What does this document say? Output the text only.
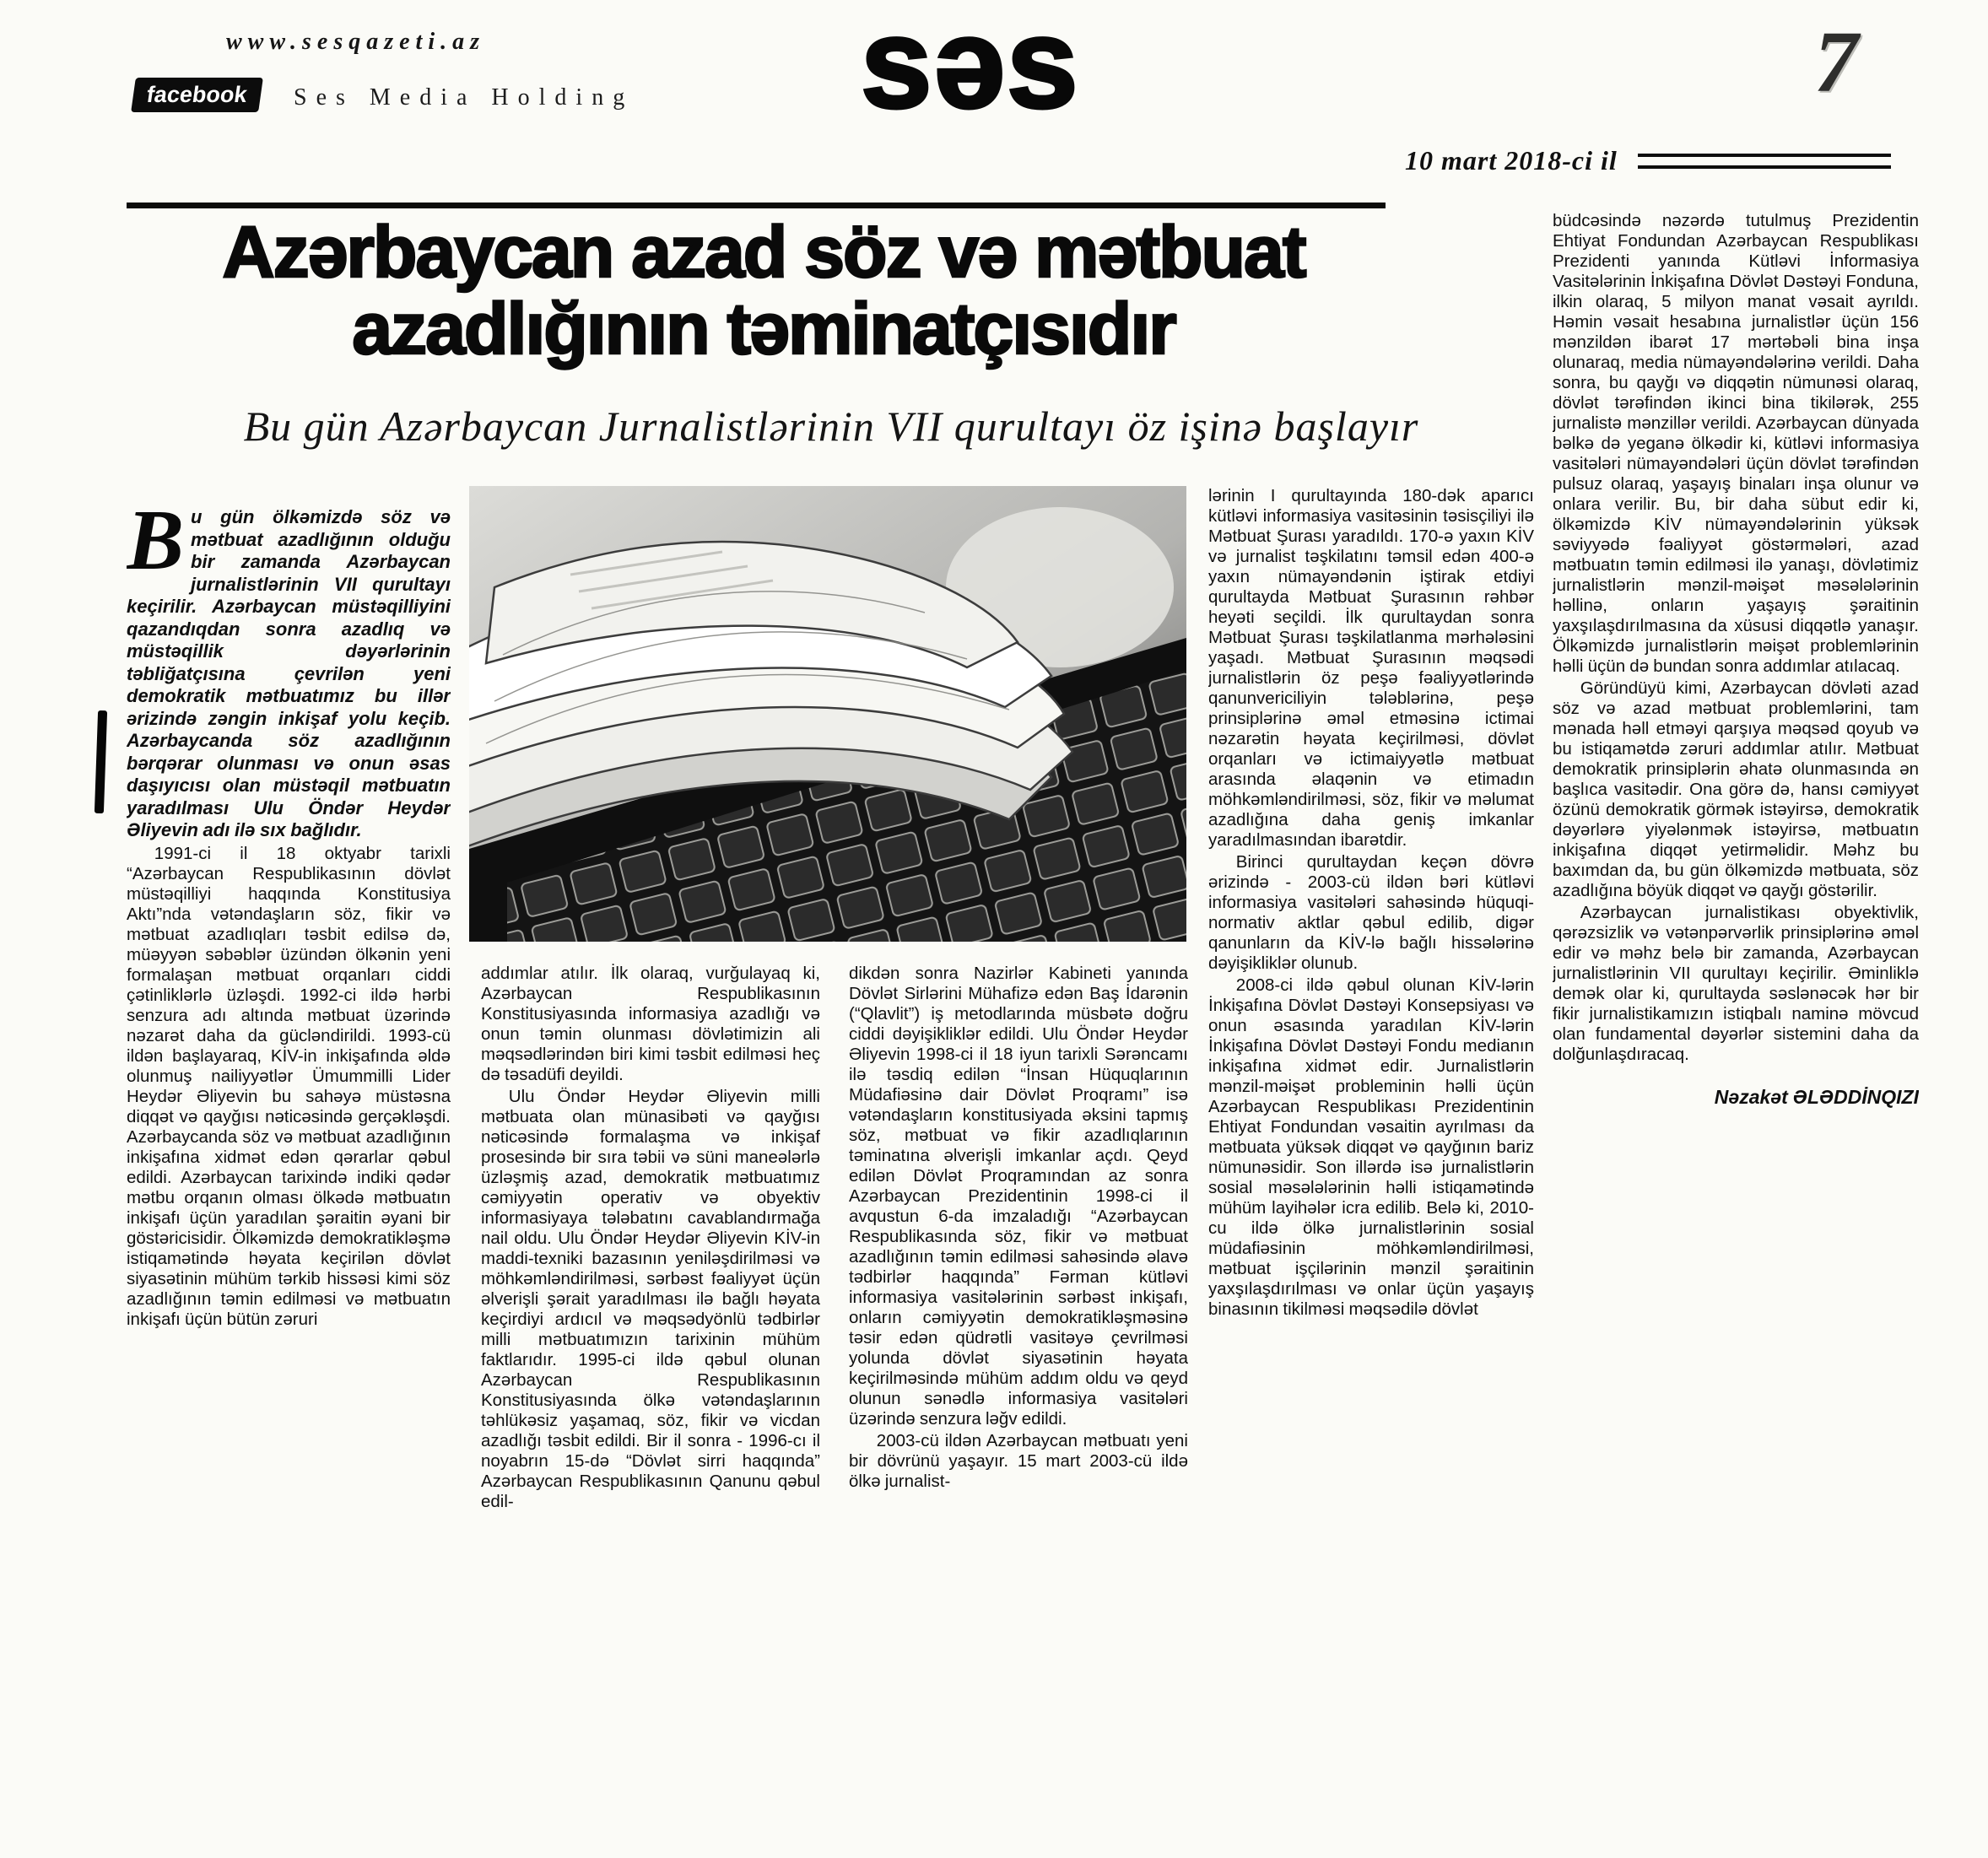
www.sesqazeti.az
facebook	Ses Media Holding səs	7
10 mart 2018-ci il
Azərbaycan azad söz və mətbuat
azadlığının təminatçısıdır
Bu gün Azərbaycan Jurnalistlərinin VII qurultayı öz işinə başlayır

Bu gün ölkəmizdə söz və mətbuat azadlığının olduğu bir zamanda Azərbaycan jurnalistlərinin VII qurultayı keçirilir. Azərbaycan müstəqilliyini qazandıqdan sonra azadlıq və müstəqillik dəyərlərinin təbliğatçısına çevrilən yeni demokratik mətbuatımız bu illər ərizində zəngin inkişaf yolu keçib. Azərbaycanda söz azadlığının bərqərar olunması və onun əsas daşıyıcısı olan müstəqil mətbuatın yaradılması Ulu Öndər Heydər Əliyevin adı ilə sıx bağlıdır.

1991-ci il 18 oktyabr tarixli “Azərbaycan Respublikasının dövlət müstəqilliyi haqqında Konstitusiya Aktı”nda vətəndaşların söz, fikir və mətbuat azadlıqları təsbit edilsə də, müəyyən səbəblər üzündən ölkənin yeni formalaşan mətbuat orqanları ciddi çətinliklərlə üzləşdi. 1992-ci ildə hərbi senzura adı altında mətbuat üzərində nəzarət daha da gücləndirildi. 1993-cü ildən başlayaraq, KİV-in inkişafında əldə olunmuş nailiyyətlər Ümummilli Lider Heydər Əliyevin bu sahəyə müstəsna diqqət və qayğısı nəticəsində gerçəkləşdi. Azərbaycanda söz və mətbuat azadlığının inkişafına xidmət edən qərarlar qəbul edildi. Azərbaycan tarixində indiki qədər mətbu orqanın olması ölkədə mətbuatın inkişafı üçün yaradılan şəraitin əyani bir göstəricisidir. Ölkəmizdə demokratikləşmə istiqamətində həyata keçirilən dövlət siyasətinin mühüm tərkib hissəsi kimi söz azadlığının təmin edilməsi və mətbuatın inkişafı üçün bütün zəruri

addımlar atılır. İlk olaraq, vurğulayaq ki, Azərbaycan Respublikasının Konstitusiyasında informasiya azadlığı və onun təmin olunması dövlətimizin ali məqsədlərindən biri kimi təsbit edilməsi heç də təsadüfi deyildi.

Ulu Öndər Heydər Əliyevin milli mətbuata olan münasibəti və qayğısı nəticəsində formalaşma və inkişaf prosesində bir sıra təbii və süni maneələrlə üzləşmiş azad, demokratik mətbuatımız cəmiyyətin operativ və obyektiv informasiyaya tələbatını cavablandırmağa nail oldu. Ulu Öndər Heydər Əliyevin KİV-in maddi-texniki bazasının yeniləşdirilməsi və möhkəmləndirilməsi, sərbəst fəaliyyət üçün əlverişli şərait yaradılması ilə bağlı həyata keçirdiyi ardıcıl və məqsədyönlü tədbirlər milli mətbuatımızın tarixinin mühüm faktlarıdır. 1995-ci ildə qəbul olunan Azərbaycan Respublikasının Konstitusiyasında ölkə vətəndaşlarının təhlükəsiz yaşamaq, söz, fikir və vicdan azadlığı təsbit edildi. Bir il sonra - 1996-cı il noyabrın 15-də “Dövlət sirri haqqında” Azərbaycan Respublikasının Qanunu qəbul edil-

dikdən sonra Nazirlər Kabineti yanında Dövlət Sirlərini Mühafizə edən Baş İdarənin (“Qlavlit”) iş metodlarında müsbətə doğru ciddi dəyişikliklər edildi. Ulu Öndər Heydər Əliyevin 1998-ci il 18 iyun tarixli Sərəncamı ilə təsdiq edilən “İnsan Hüquqlarının Müdafiəsinə dair Dövlət Proqramı” isə vətəndaşların konstitusiyada əksini tapmış söz, mətbuat və fikir azadlıqlarının təminatına əlverişli imkanlar açdı. Qeyd edilən Dövlət Proqramından az sonra Azərbaycan Prezidentinin 1998-ci il avqustun 6-da imzaladığı “Azərbaycan Respublikasında söz, fikir və mətbuat azadlığının təmin edilməsi sahəsində əlavə tədbirlər haqqında” Fərman kütləvi informasiya vasitələrinin sərbəst inkişafı, onların cəmiyyətin demokratikləşməsinə təsir edən qüdrətli vasitəyə çevrilməsi yolunda dövlət siyasətinin həyata keçirilməsində mühüm addım oldu və qeyd olunun sənədlə informasiya vasitələri üzərində senzura ləğv edildi.

2003-cü ildən Azərbaycan mətbuatı yeni bir dövrünü yaşayır. 15 mart 2003-cü ildə ölkə jurnalist-

lərinin I qurultayında 180-dək aparıcı kütləvi informasiya vasitəsinin təsisçiliyi ilə Mətbuat Şurası yaradıldı. 170-ə yaxın KİV və jurnalist təşkilatını təmsil edən 400-ə yaxın nümayəndənin iştirak etdiyi qurultayda Mətbuat Şurasının rəhbər heyəti seçildi. İlk qurultaydan sonra Mətbuat Şurası təşkilatlanma mərhələsini yaşadı. Mətbuat Şurasının məqsədi jurnalistlərin öz peşə fəaliyyətlərində qanunvericiliyin tələblərinə, peşə prinsiplərinə əməl etməsinə ictimai nəzarətin həyata keçirilməsi, dövlət orqanları və ictimaiyyətlə mətbuat arasında əlaqənin və etimadın möhkəmləndirilməsi, söz, fikir və məlumat azadlığına daha geniş imkanlar yaradılmasından ibarətdir.

Birinci qurultaydan keçən dövrə ərizində - 2003-cü ildən bəri kütləvi informasiya vasitələri sahəsində hüquqi-normativ aktlar qəbul edilib, digər qanunların da KİV-lə bağlı hissələrinə dəyişikliklər olunub.

2008-ci ildə qəbul olunan KİV-lərin İnkişafına Dövlət Dəstəyi Konsepsiyası və onun əsasında yaradılan KİV-lərin İnkişafına Dövlət Dəstəyi Fondu medianın inkişafına xidmət edir. Jurnalistlərin mənzil-məişət probleminin həlli üçün Azərbaycan Respublikası Prezidentinin Ehtiyat Fondundan vəsaitin ayrılması da mətbuata yüksək diqqət və qayğının bariz nümunəsidir. Son illərdə isə jurnalistlərin sosial məsələlərinin həlli istiqamətində mühüm layihələr icra edilib. Belə ki, 2010-cu ildə ölkə jurnalistlərinin sosial müdafiəsinin möhkəmləndirilməsi, mətbuat işçilərinin mənzil şəraitinin yaxşılaşdırılması və onlar üçün yaşayış binasının tikilməsi məqsədilə dövlət

büdcəsində nəzərdə tutulmuş Prezidentin Ehtiyat Fondundan Azərbaycan Respublikası Prezidenti yanında Kütləvi İnformasiya Vasitələrinin İnkişafına Dövlət Dəstəyi Fonduna, ilkin olaraq, 5 milyon manat vəsait ayrıldı. Həmin vəsait hesabına jurnalistlər üçün 156 mənzildən ibarət 17 mərtəbəli bina inşa olunaraq, media nümayəndələrinə verildi. Daha sonra, bu qayğı və diqqətin nümunəsi olaraq, dövlət tərəfindən ikinci bina tikilərək, 255 jurnalistə mənzillər verildi. Azərbaycan dünyada bəlkə də yeganə ölkədir ki, kütləvi informasiya vasitələri nümayəndələri üçün dövlət tərəfindən pulsuz olaraq, yaşayış binaları inşa olunur və onlara verilir. Bu, bir daha sübut edir ki, ölkəmizdə KİV nümayəndələrinin yüksək səviyyədə fəaliyyət göstərmələri, azad mətbuatın təmin edilməsi ilə yanaşı, dövlətimiz jurnalistlərin mənzil-məişət məsələlərinin həllinə, onların yaşayış şəraitinin yaxşılaşdırılmasına da xüsusi diqqətlə yanaşır. Ölkəmizdə jurnalistlərin məişət problemlərinin həlli üçün də bundan sonra addımlar atılacaq.

Göründüyü kimi, Azərbaycan dövləti azad söz və azad mətbuat problemlərini, tam mənada həll etməyi qarşıya məqsəd qoyub və bu istiqamətdə zəruri addımlar atılır. Mətbuat demokratik prinsiplərin əhatə olunmasında ən başlıca vasitədir. Ona görə də, hansı cəmiyyət özünü demokratik görmək istəyirsə, demokratik dəyərlərə yiyələnmək istəyirsə, mətbuatın inkişafına diqqət yetirməlidir. Məhz bu baxımdan da, bu gün ölkəmizdə mətbuata, söz azadlığına böyük diqqət və qayğı göstərilir.

Azərbaycan jurnalistikası obyektivlik, qərəzsizlik və vətənpərvərlik prinsiplərinə əməl edir və məhz belə bir zamanda, Azərbaycan jurnalistlərinin VII qurultayı keçirilir. Əminliklə demək olar ki, qurultayda səslənəcək hər bir fikir jurnalistikamızın istiqbalı naminə mövcud olan fundamental dəyərlər sistemini daha da dolğunlaşdıracaq.

Nəzakət ƏLƏDDİNQIZI
